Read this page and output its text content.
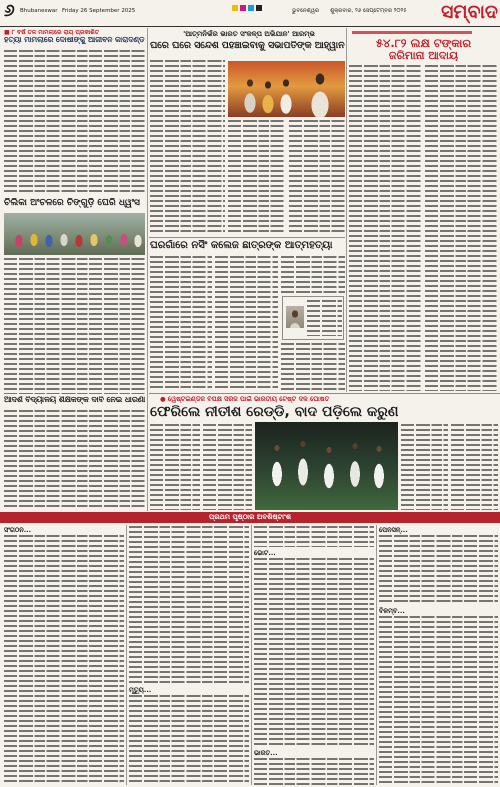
୬ Bhubaneswar Friday 26 September 2025	ଭୁବନେଶ୍ୱର ଶୁକ୍ରବାର, ୨୬ ସେପ୍ଟେମ୍ବର ୨୦୨୫	ସମ୍ବାଦ
■ ୮ ବର୍ଷ ତଳ ମାମଲାରେ ରାୟ ପ୍ରକାଶିତ
ହତ୍ୟା ମାମଲାରେ ଦୋଷୀଙ୍କୁ ଆଜୀବନ କାରାଦଣ୍ଡ
ଚିଲିକା ଅଂଚଳରେ ଚିଙ୍ଗୁଡ଼ି ଘେରି ଧ୍ୱଂସ
ଆଦର୍ଶ ବିଦ୍ୟାଳୟ ଶିକ୍ଷକଙ୍କ ଦାବି ନେଇ ଧାରଣା
'ଆତ୍ମନିର୍ଭର ଭାରତ ସଂକଳ୍ପ ଅଭିଯାନ' ଆରମ୍ଭ
ଘରେ ଘରେ ସନ୍ଦେଶ ପହଞ୍ଚାଇବାକୁ ସଭାପତିଙ୍କ ଆହ୍ୱାନ
ଘରଗାଁରେ ନର୍ସିଂ କଲେଜ ଛାତ୍ରଙ୍କ ଆତ୍ମହତ୍ୟା
୫୪.୮୨ ଲକ୍ଷ ଟଙ୍କାର
ଜରିମାନା ଆଦାୟ
● ୱେଷ୍ଟଇଣ୍ଡିଜ ବିପକ୍ଷ ସିରିଜ ପାଇଁ ଭାରତୀୟ ଟେଷ୍ଟ ଦଳ ଘୋଷିତ
ଫେରିଲେ ନୀତୀଶ ରେଡ୍ଡି, ବାଦ ପଡ଼ିଲେ କରୁଣ
ପ୍ରଥମ ପୃଷ୍ଠାର ଅବଶିଷ୍ଟାଂଶ
ସଂଗଠନ...
ମୃତ୍ୟୁ...
ଭୋଟ...
ଭାରତ...
ପେନସନ୍...
ବିଳମ୍ବ...
